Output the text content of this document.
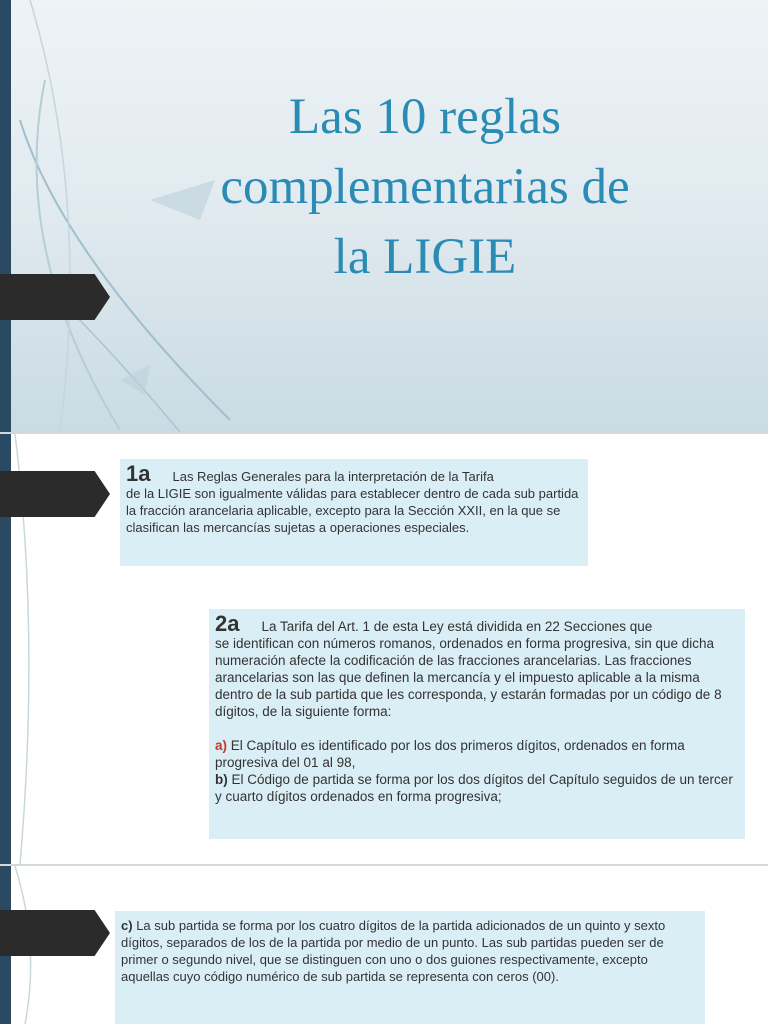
Las 10 reglas
complementarias de
la LIGIE

1a Las Reglas Generales para la interpretación de la Tarifa

de la LIGIE son igualmente válidas para establecer dentro de cada sub partida la fracción arancelaria aplicable, excepto para la Sección XXII, en la que se clasifican las mercancías sujetas a operaciones especiales.

2a La Tarifa del Art. 1 de esta Ley está dividida en 22 Secciones que

se identifican con números romanos, ordenados en forma progresiva, sin que dicha numeración afecte la codificación de las fracciones arancelarias. Las fracciones arancelarias son las que definen la mercancía y el impuesto aplicable a la misma dentro de la sub partida que les corresponda, y estarán formadas por un código de 8 dígitos, de la siguiente forma:

a) El Capítulo es identificado por los dos primeros dígitos, ordenados en forma progresiva del 01 al 98,

b) El Código de partida se forma por los dos dígitos del Capítulo seguidos de un tercer y cuarto dígitos ordenados en forma progresiva;

c) La sub partida se forma por los cuatro dígitos de la partida adicionados de un quinto y sexto dígitos, separados de los de la partida por medio de un punto. Las sub partidas pueden ser de primer o segundo nivel, que se distinguen con uno o dos guiones respectivamente, excepto aquellas cuyo código numérico de sub partida se representa con ceros (00).
